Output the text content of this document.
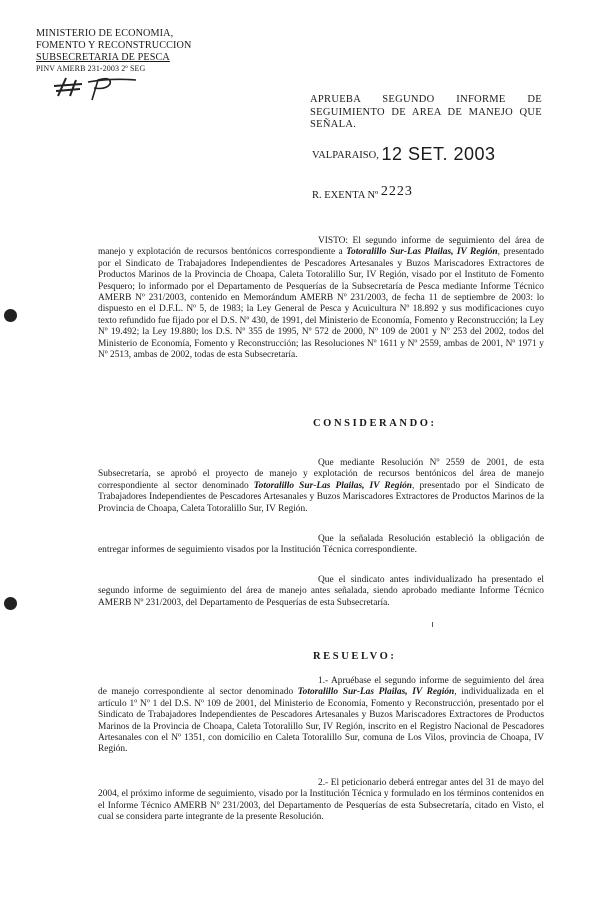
MINISTERIO DE ECONOMIA,
FOMENTO Y RECONSTRUCCION
SUBSECRETARIA DE PESCA
PINV AMERB 231-2003 2º SEG
APRUEBA SEGUNDO INFORME DE SEGUIMIENTO DE AREA DE MANEJO QUE SEÑALA.
VALPARAISO, 12 SET. 2003
R. EXENTA Nº 2223
VISTO: El segundo informe de seguimiento del área de manejo y explotación de recursos bentónicos correspondiente a Totoralillo Sur-Las Plailas, IV Región, presentado por el Sindicato de Trabajadores Independientes de Pescadores Artesanales y Buzos Mariscadores Extractores de Productos Marinos de la Provincia de Choapa, Caleta Totoralillo Sur, IV Región, visado por el Instituto de Fomento Pesquero; lo informado por el Departamento de Pesquerías de la Subsecretaría de Pesca mediante Informe Técnico AMERB Nº 231/2003, contenido en Memorándum AMERB Nº 231/2003, de fecha 11 de septiembre de 2003: lo dispuesto en el D.F.L. Nº 5, de 1983; la Ley General de Pesca y Acuicultura Nº 18.892 y sus modificaciones cuyo texto refundido fue fijado por el D.S. Nº 430, de 1991, del Ministerio de Economía, Fomento y Reconstrucción; la Ley Nº 19.492; la Ley 19.880; los D.S. Nº 355 de 1995, Nº 572 de 2000, Nº 109 de 2001 y Nº 253 del 2002, todos del Ministerio de Economía, Fomento y Reconstrucción; las Resoluciones Nº 1611 y Nº 2559, ambas de 2001, Nº 1971 y Nº 2513, ambas de 2002, todas de esta Subsecretaría.
CONSIDERANDO:
Que mediante Resolución Nº 2559 de 2001, de esta Subsecretaría, se aprobó el proyecto de manejo y explotación de recursos bentónicos del área de manejo correspondiente al sector denominado Totoralillo Sur-Las Plailas, IV Región, presentado por el Sindicato de Trabajadores Independientes de Pescadores Artesanales y Buzos Mariscadores Extractores de Productos Marinos de la Provincia de Choapa, Caleta Totoralillo Sur, IV Región.
Que la señalada Resolución estableció la obligación de entregar informes de seguimiento visados por la Institución Técnica correspondiente.
Que el sindicato antes individualizado ha presentado el segundo informe de seguimiento del área de manejo antes señalada, siendo aprobado mediante Informe Técnico AMERB Nº 231/2003, del Departamento de Pesquerías de esta Subsecretaría.
RESUELVO:
1.- Apruébase el segundo informe de seguimiento del área de manejo correspondiente al sector denominado Totoralillo Sur-Las Plailas, IV Región, individualizada en el artículo 1º Nº 1 del D.S. Nº 109 de 2001, del Ministerio de Economía, Fomento y Reconstrucción, presentado por el Sindicato de Trabajadores Independientes de Pescadores Artesanales y Buzos Mariscadores Extractores de Productos Marinos de la Provincia de Choapa, Caleta Totoralillo Sur, IV Región, inscrito en el Registro Nacional de Pescadores Artesanales con el Nº 1351, con domicilio en Caleta Totoralillo Sur, comuna de Los Vilos, provincia de Choapa, IV Región.
2.- El peticionario deberá entregar antes del 31 de mayo del 2004, el próximo informe de seguimiento, visado por la Institución Técnica y formulado en los términos contenidos en el Informe Técnico AMERB Nº 231/2003, del Departamento de Pesquerías de esta Subsecretaría, citado en Visto, el cual se considera parte integrante de la presente Resolución.
